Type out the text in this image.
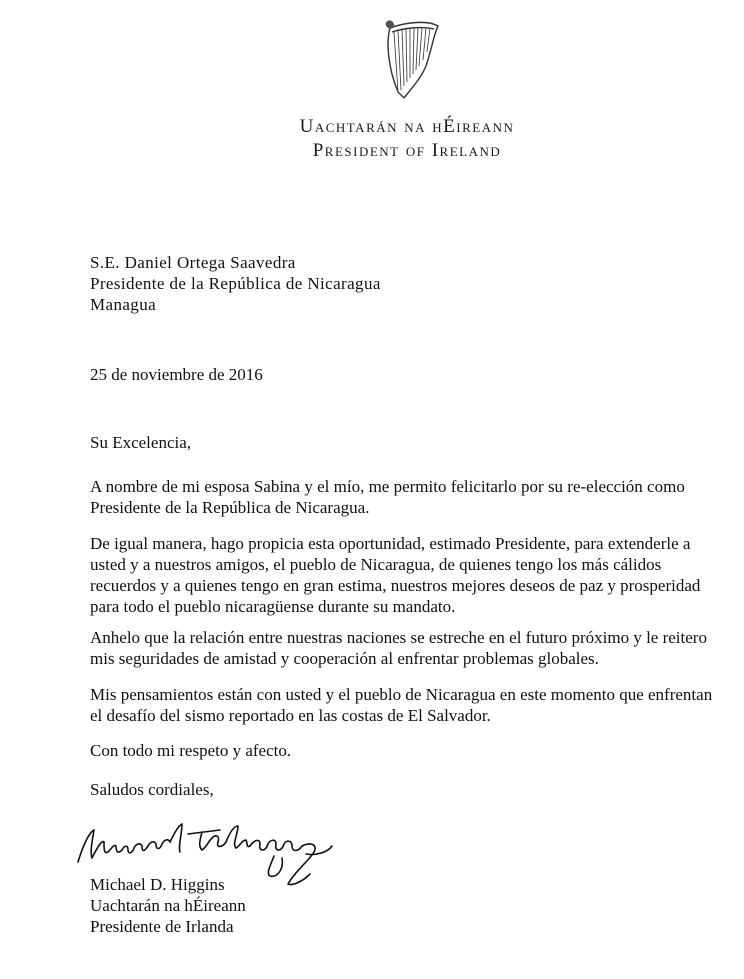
Uachtarán na hÉireann
President of Ireland
S.E. Daniel Ortega Saavedra
Presidente de la República de Nicaragua
Managua
25 de noviembre de 2016
Su Excelencia,
A nombre de mi esposa Sabina y el mío, me permito felicitarlo por su re-elección como Presidente de la República de Nicaragua.
De igual manera, hago propicia esta oportunidad, estimado Presidente, para extenderle a usted y a nuestros amigos, el pueblo de Nicaragua, de quienes tengo los más cálidos recuerdos y a quienes tengo en gran estima, nuestros mejores deseos de paz y prosperidad para todo el pueblo nicaragüense durante su mandato.
Anhelo que la relación entre nuestras naciones se estreche en el futuro próximo y le reitero mis seguridades de amistad y cooperación al enfrentar problemas globales.
Mis pensamientos están con usted y el pueblo de Nicaragua en este momento que enfrentan el desafío del sismo reportado en las costas de El Salvador.
Con todo mi respeto y afecto.
Saludos cordiales,
Michael D. Higgins
Uachtarán na hÉireann
Presidente de Irlanda
